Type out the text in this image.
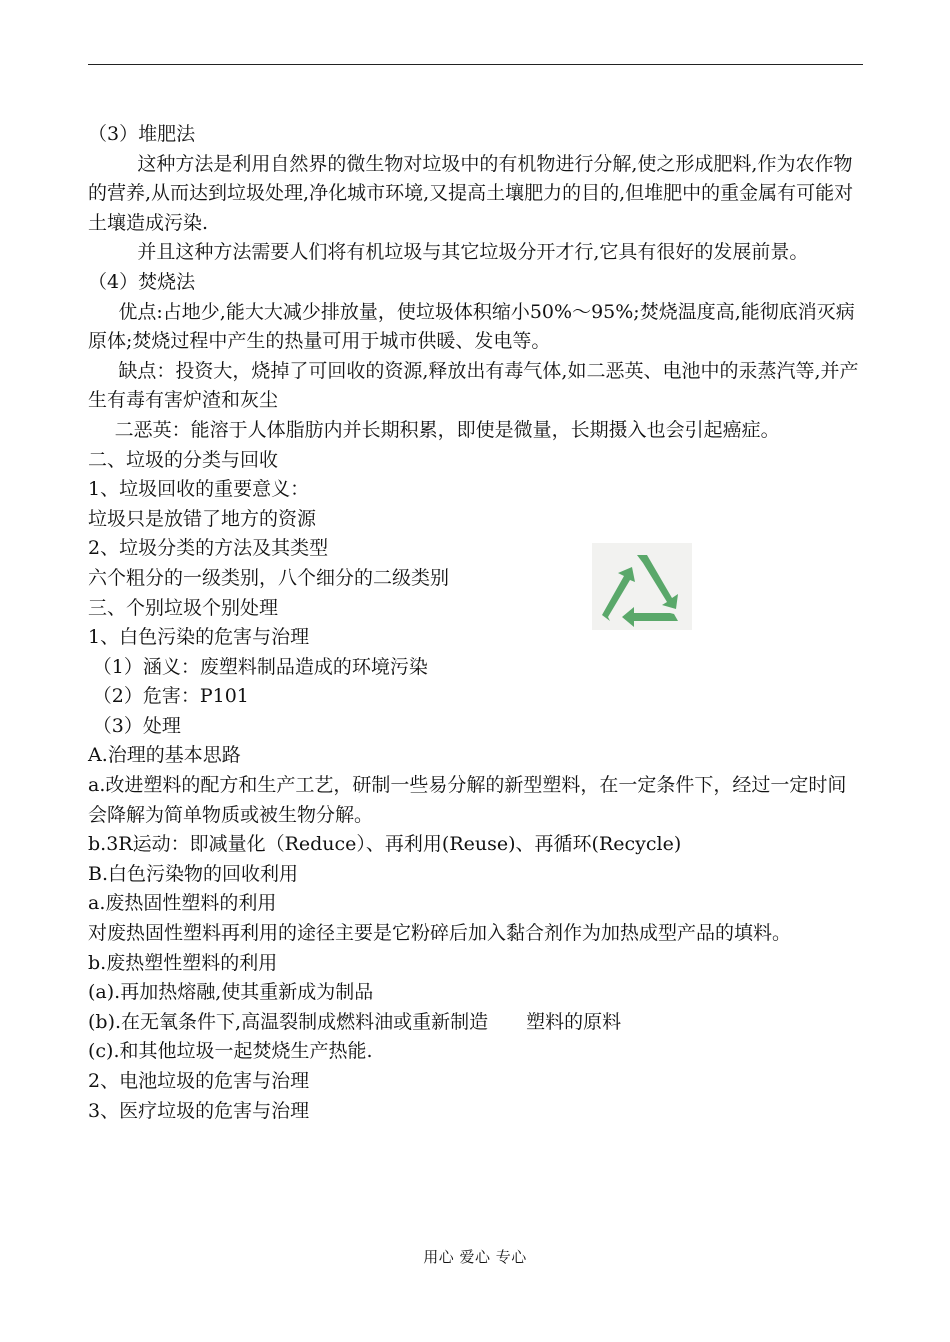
（3）堆肥法

这种方法是利用自然界的微生物对垃圾中的有机物进行分解,使之形成肥料,作为农作物的营养,从而达到垃圾处理,净化城市环境,又提高土壤肥力的目的,但堆肥中的重金属有可能对土壤造成污染.

并且这种方法需要人们将有机垃圾与其它垃圾分开才行,它具有很好的发展前景。

（4）焚烧法

优点:占地少,能大大减少排放量，使垃圾体积缩小50%～95%;焚烧温度高,能彻底消灭病原体;焚烧过程中产生的热量可用于城市供暖、发电等。

缺点：投资大，烧掉了可回收的资源,释放出有毒气体,如二恶英、电池中的汞蒸汽等,并产生有毒有害炉渣和灰尘

二恶英：能溶于人体脂肪内并长期积累，即使是微量，长期摄入也会引起癌症。

二、垃圾的分类与回收

1、垃圾回收的重要意义：

垃圾只是放错了地方的资源

2、垃圾分类的方法及其类型

六个粗分的一级类别，八个细分的二级类别

三、个别垃圾个别处理

1、白色污染的危害与治理

（1）涵义：废塑料制品造成的环境污染

（2）危害：P101

（3）处理

A.治理的基本思路

a.改进塑料的配方和生产工艺，研制一些易分解的新型塑料，在一定条件下，经过一定时间会降解为简单物质或被生物分解。

b.3R运动：即减量化（Reduce）、再利用(Reuse)、再循环(Recycle)

B.白色污染物的回收利用

a.废热固性塑料的利用

对废热固性塑料再利用的途径主要是它粉碎后加入黏合剂作为加热成型产品的填料。

b.废热塑性塑料的利用

(a).再加热熔融,使其重新成为制品

(b).在无氧条件下,高温裂制成燃料油或重新制造　　塑料的原料

(c).和其他垃圾一起焚烧生产热能.

2、电池垃圾的危害与治理

3、医疗垃圾的危害与治理

用心 爱心 专心
